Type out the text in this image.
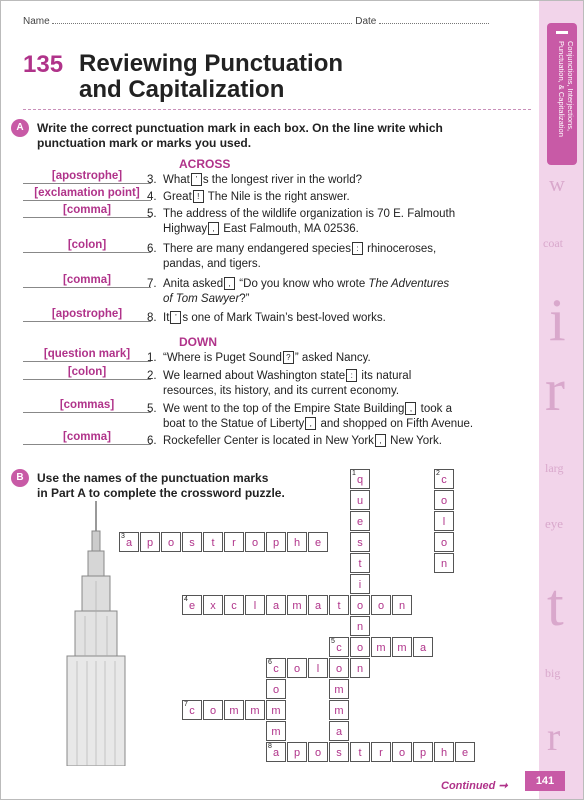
Conjunctions, Interjections, Punctuation, & Capitalization
w
coat
i
r
larg
eye
t
big
r
Name	Date
135 Reviewing Punctuation
and Capitalization
A	Write the correct punctuation mark in each box. On the line write which punctuation mark or marks you used.
ACROSS
[apostrophe]	3. What ’ s the longest river in the world?
[exclamation point] 4. Great ! The Nile is the right answer.
[comma]	5. The address of the wildlife organization is 70 E. Falmouth
Highway , East Falmouth, MA 02536.
[colon]	6. There are many endangered species : rhinoceroses,
pandas, and tigers.
[comma]	7. Anita asked , “Do you know who wrote The Adventures
of Tom Sawyer?”
[apostrophe]	8. It ’ s one of Mark Twain’s best-loved works.
[question mark]	1. “Where is Puget Sound ? ” asked Nancy.
[colon]	2. We learned about Washington state : its natural
resources, its history, and its current economy.
[commas]	5. We went to the top of the Empire State Building , took a
boat to the Statue of Liberty , and shopped on Fifth Avenue.
[comma]	6. Rockefeller Center is located in New York , New York.
DOWN
B	Use the names of the punctuation marks
in Part A to complete the crossword puzzle.
1
q
u
e
s
t
i
o
n
2
c
o
l
o
n
3
a	p	o	s	t	r	o	p	h	e
4
e	x	c	l	a	m	a	t	o	n
5
c	o	m	m	a
o
m
m
a
s
6
c	o	l	n
o
m
m
8
a
7
c	o	m	m
p	o	t	r	o	p	h	e
Continued ➞	141
